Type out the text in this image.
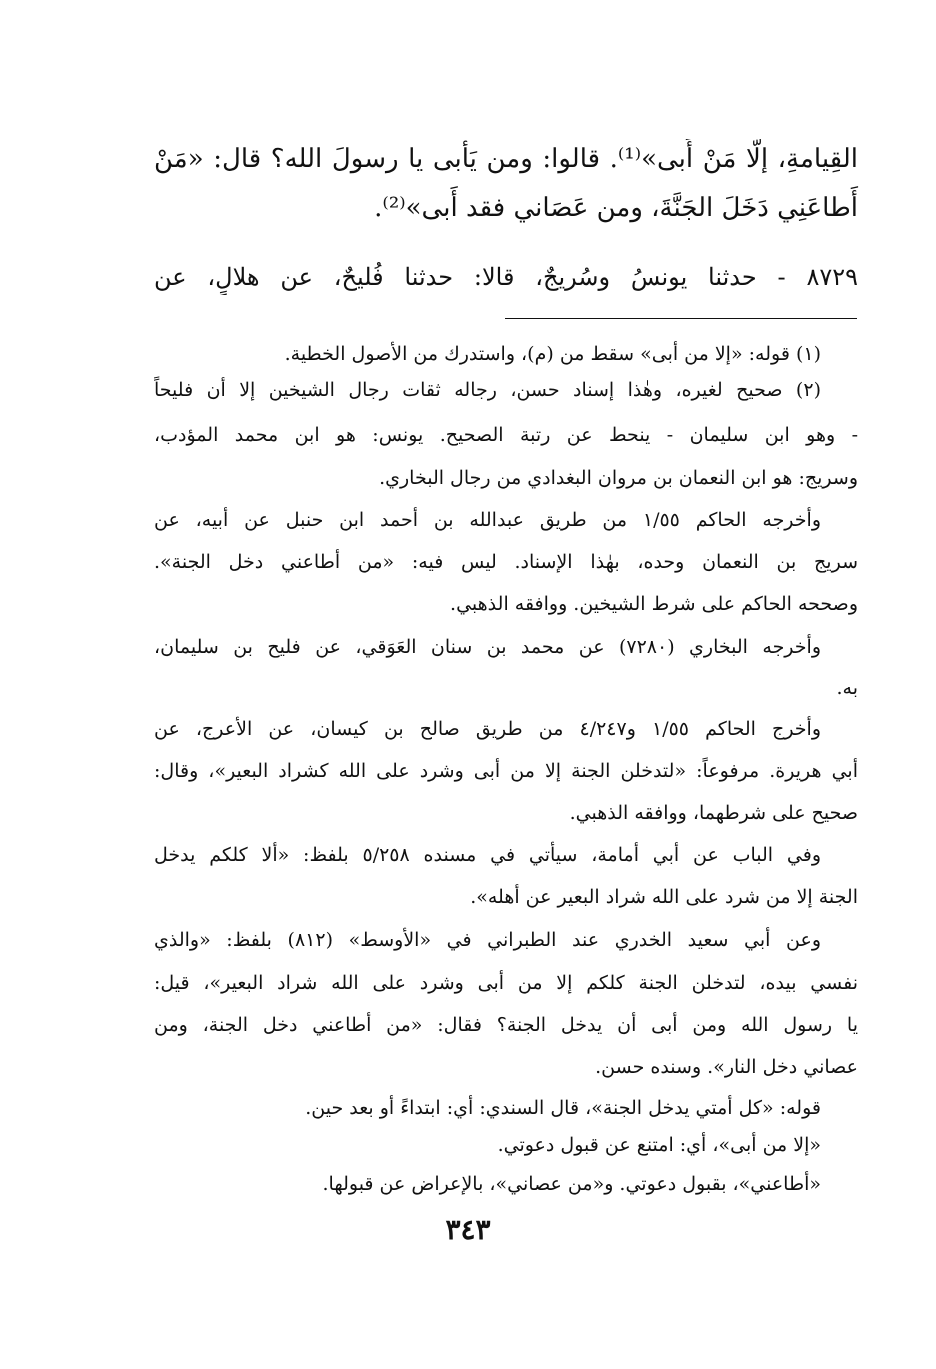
القِيامةِ، إلَّا مَنْ أَبى»⁽¹⁾. قالوا: ومن يَأْبى يا رسولَ الله؟ قال: «مَنْ
أَطاعَنِي دَخَلَ الجَنَّةَ، ومن عَصَاني فقد أَبى»⁽²⁾.
٨٧٢٩ - حدثنا يونسُ وسُريجٌ، قالا: حدثنا فُليحٌ، عن هلالٍ، عن
(١) قوله: «إلا من أبى» سقط من (م)، واستدرك من الأصول الخطية.
(٢) صحيح لغيره، وهٰذا إسناد حسن، رجاله ثقات رجال الشيخين إلا أن فليحاً
- وهو ابن سليمان - ينحط عن رتبة الصحيح. يونس: هو ابن محمد المؤدب،
وسريج: هو ابن النعمان بن مروان البغدادي من رجال البخاري.
وأخرجه الحاكم ١/٥٥ من طريق عبدالله بن أحمد ابن حنبل عن أبيه، عن
سريج بن النعمان وحده، بهٰذا الإسناد. ليس فيه: «من أطاعني دخل الجنة».
وصححه الحاكم على شرط الشيخين. ووافقه الذهبي.
وأخرجه البخاري (٧٢٨٠) عن محمد بن سنان العَوَقي، عن فليح بن سليمان،
به.
وأخرج الحاكم ١/٥٥ و٤/٢٤٧ من طريق صالح بن كيسان، عن الأعرج، عن
أبي هريرة. مرفوعاً: «لتدخلن الجنة إلا من أبى وشرد على الله كشراد البعير»، وقال:
صحيح على شرطهما، ووافقه الذهبي.
وفي الباب عن أبي أمامة، سيأتي في مسنده ٥/٢٥٨ بلفظ: «ألا كلكم يدخل
الجنة إلا من شرد على الله شراد البعير عن أهله».
وعن أبي سعيد الخدري عند الطبراني في «الأوسط» (٨١٢) بلفظ: «والذي
نفسي بيده، لتدخلن الجنة كلكم إلا من أبى وشرد على الله شراد البعير»، قيل:
يا رسول الله ومن أبى أن يدخل الجنة؟ فقال: «من أطاعني دخل الجنة، ومن
عصاني دخل النار». وسنده حسن.
قوله: «كل أمتي يدخل الجنة»، قال السندي: أي: ابتداءً أو بعد حين.
«إلا من أبى»، أي: امتنع عن قبول دعوتي.
«أطاعني»، بقبول دعوتي. و«من عصاني»، بالإعراض عن قبولها.
٣٤٣
